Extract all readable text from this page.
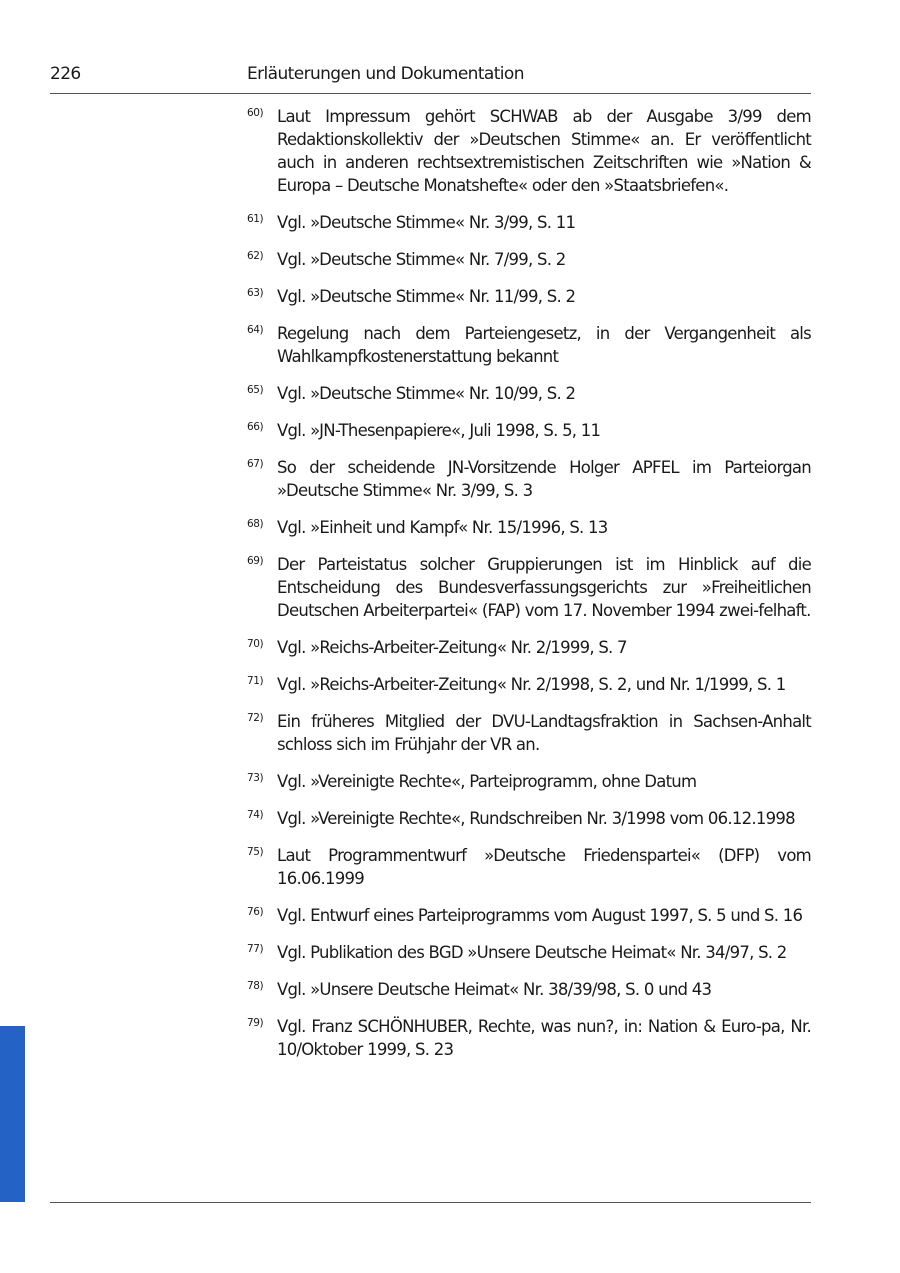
226	Erläuterungen und Dokumentation
60) Laut Impressum gehört SCHWAB ab der Ausgabe 3/99 dem Redaktionskollektiv der »Deutschen Stimme« an. Er veröffentlicht auch in anderen rechtsextremistischen Zeitschriften wie »Nation & Europa – Deutsche Monatshefte« oder den »Staatsbriefen«.
61) Vgl. »Deutsche Stimme« Nr. 3/99, S. 11
62) Vgl. »Deutsche Stimme« Nr. 7/99, S. 2
63) Vgl. »Deutsche Stimme« Nr. 11/99, S. 2
64) Regelung nach dem Parteiengesetz, in der Vergangenheit als Wahlkampfkostenerstattung bekannt
65) Vgl. »Deutsche Stimme« Nr. 10/99, S. 2
66) Vgl. »JN-Thesenpapiere«, Juli 1998, S. 5, 11
67) So der scheidende JN-Vorsitzende Holger APFEL im Parteiorgan »Deutsche Stimme« Nr. 3/99, S. 3
68) Vgl. »Einheit und Kampf« Nr. 15/1996, S. 13
69) Der Parteistatus solcher Gruppierungen ist im Hinblick auf die Entscheidung des Bundesverfassungsgerichts zur »Freiheitlichen Deutschen Arbeiterpartei« (FAP) vom 17. November 1994 zwei-felhaft.
70) Vgl. »Reichs-Arbeiter-Zeitung« Nr. 2/1999, S. 7
71) Vgl. »Reichs-Arbeiter-Zeitung« Nr. 2/1998, S. 2, und Nr. 1/1999, S. 1
72) Ein früheres Mitglied der DVU-Landtagsfraktion in Sachsen-Anhalt schloss sich im Frühjahr der VR an.
73) Vgl. »Vereinigte Rechte«, Parteiprogramm, ohne Datum
74) Vgl. »Vereinigte Rechte«, Rundschreiben Nr. 3/1998 vom 06.12.1998
75) Laut Programmentwurf »Deutsche Friedenspartei« (DFP) vom 16.06.1999
76) Vgl. Entwurf eines Parteiprogramms vom August 1997, S. 5 und S. 16
77) Vgl. Publikation des BGD »Unsere Deutsche Heimat« Nr. 34/97, S. 2
78) Vgl. »Unsere Deutsche Heimat« Nr. 38/39/98, S. 0 und 43
79) Vgl. Franz SCHÖNHUBER, Rechte, was nun?, in: Nation & Euro-pa, Nr. 10/Oktober 1999, S. 23
